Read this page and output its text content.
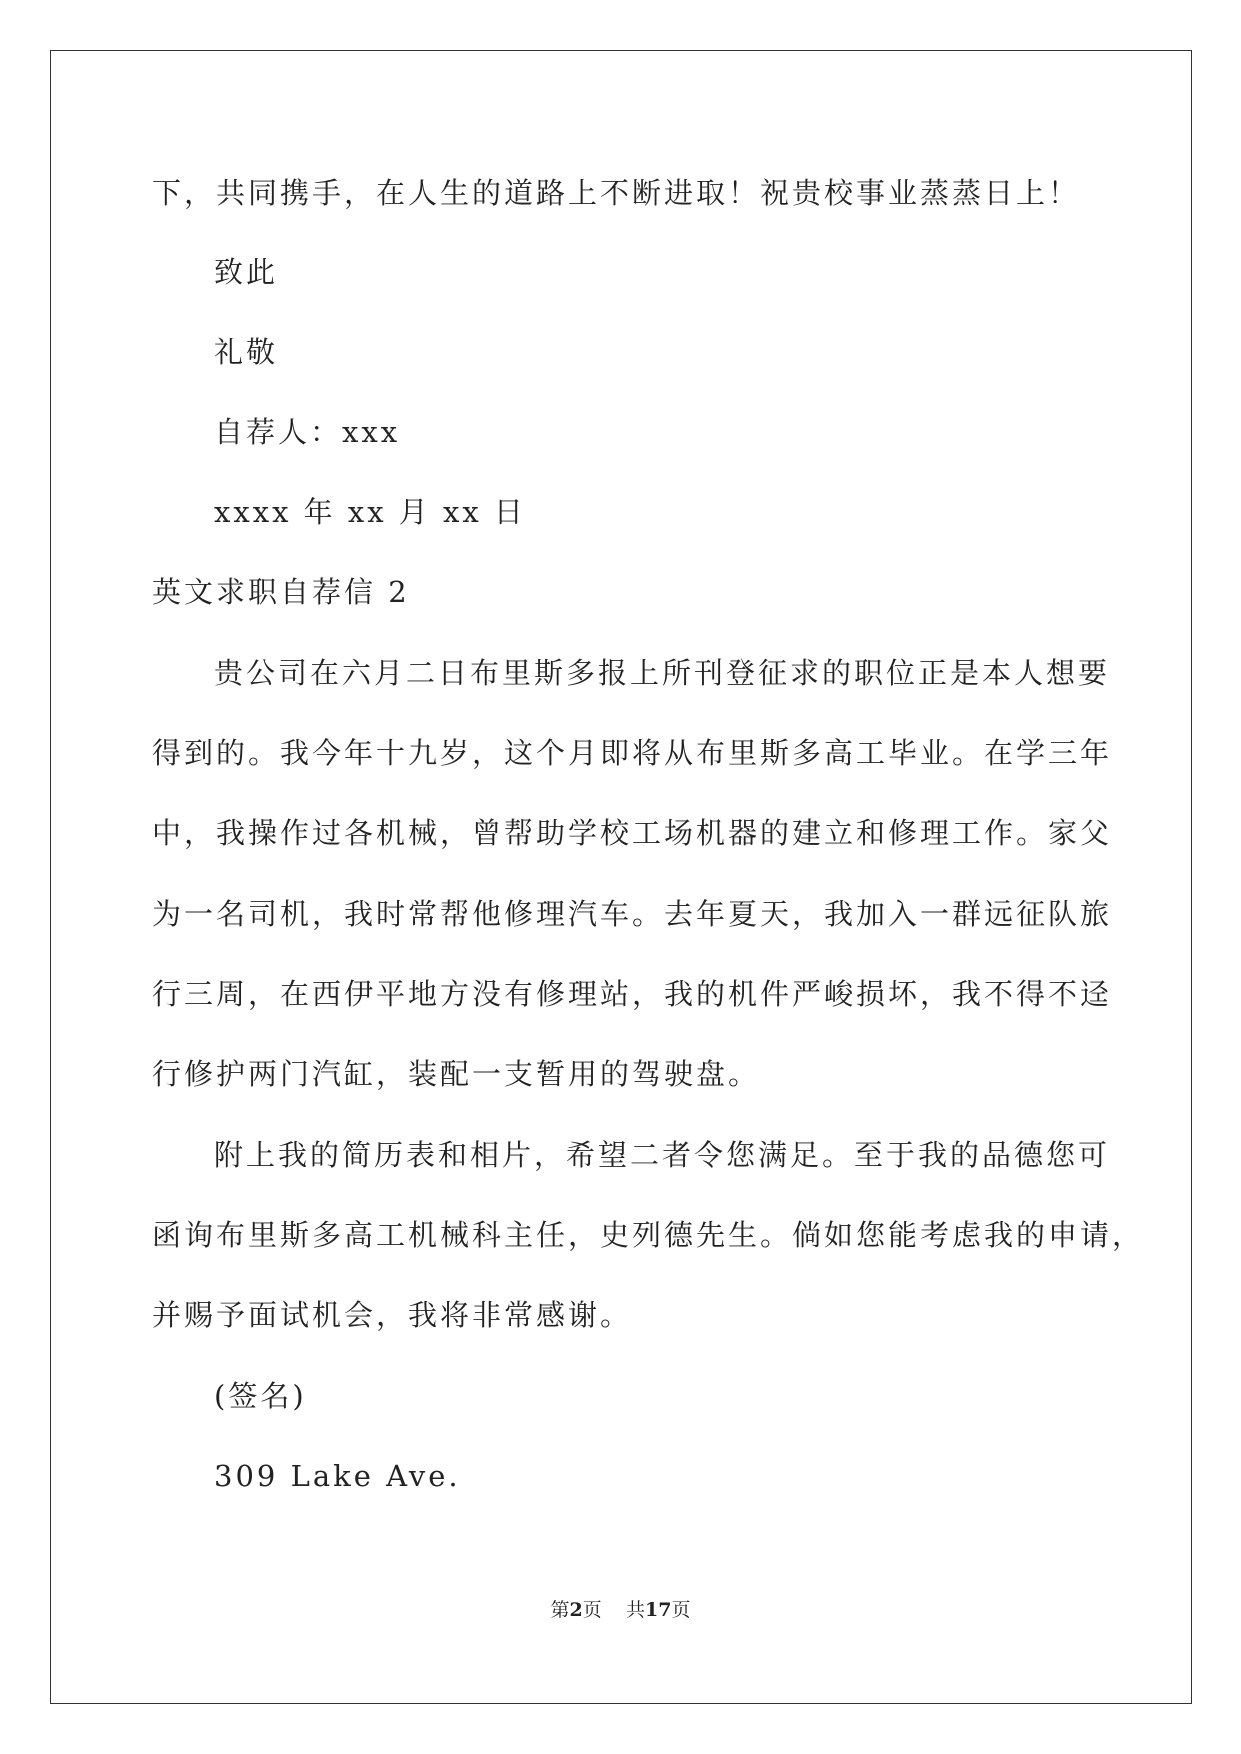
下，共同携手，在人生的道路上不断进取！祝贵校事业蒸蒸日上！

致此

礼敬

自荐人：xxx

xxxx 年 xx 月 xx 日

英文求职自荐信 2

贵公司在六月二日布里斯多报上所刊登征求的职位正是本人想要

得到的。我今年十九岁，这个月即将从布里斯多高工毕业。在学三年

中，我操作过各机械，曾帮助学校工场机器的建立和修理工作。家父

为一名司机，我时常帮他修理汽车。去年夏天，我加入一群远征队旅

行三周，在西伊平地方没有修理站，我的机件严峻损坏，我不得不迳

行修护两门汽缸，装配一支暂用的驾驶盘。

附上我的简历表和相片，希望二者令您满足。至于我的品德您可

函询布里斯多高工机械科主任，史列德先生。倘如您能考虑我的申请，

并赐予面试机会，我将非常感谢。

(签名)

309 Lake Ave.

第2页 共17页
